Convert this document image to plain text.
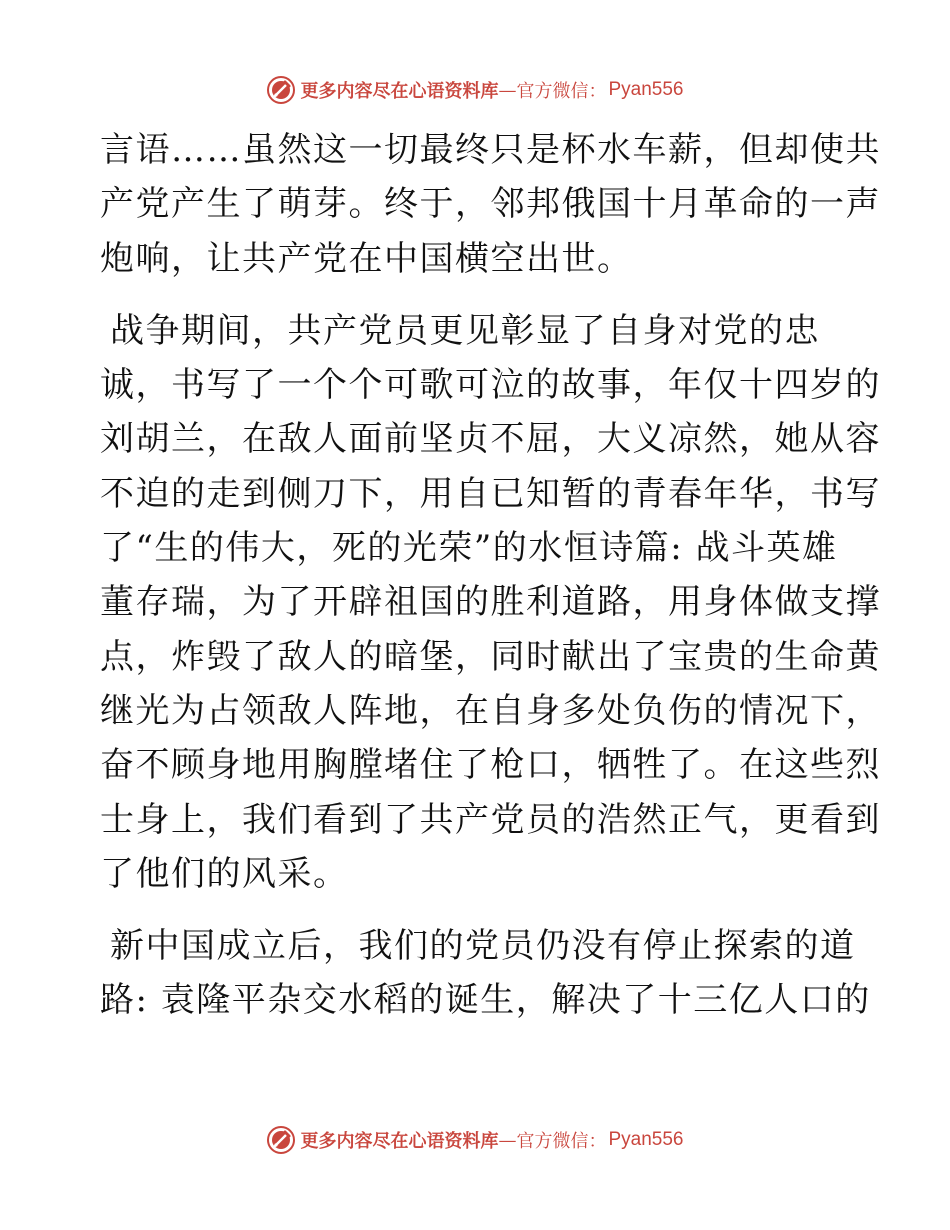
更多内容尽在心语资料库 — 官方微信： Pyan556
言语……虽然这一切最终只是杯水车薪，但却使共
产党产生了萌芽。终于，邻邦俄国十月革命的一声
炮响，让共产党在中国横空出世。
战争期间，共产党员更见彰显了自身对党的忠
诚，书写了一个个可歌可泣的故事，年仅十四岁的
刘胡兰，在敌人面前坚贞不屈，大义凉然，她从容
不迫的走到侧刀下，用自已知暂的青春年华，书写
了“生的伟大，死的光荣”的水恒诗篇: 战斗英雄
董存瑞，为了开辟祖国的胜利道路，用身体做支撑
点，炸毁了敌人的暗堡，同时献出了宝贵的生命黄
继光为占领敌人阵地，在自身多处负伤的情况下，
奋不顾身地用胸膛堵住了枪口，牺牲了。在这些烈
士身上，我们看到了共产党员的浩然正气，更看到
了他们的风采。
新中国成立后，我们的党员仍没有停止探索的道
路: 袁隆平杂交水稻的诞生，解决了十三亿人口的
更多内容尽在心语资料库 — 官方微信： Pyan556
